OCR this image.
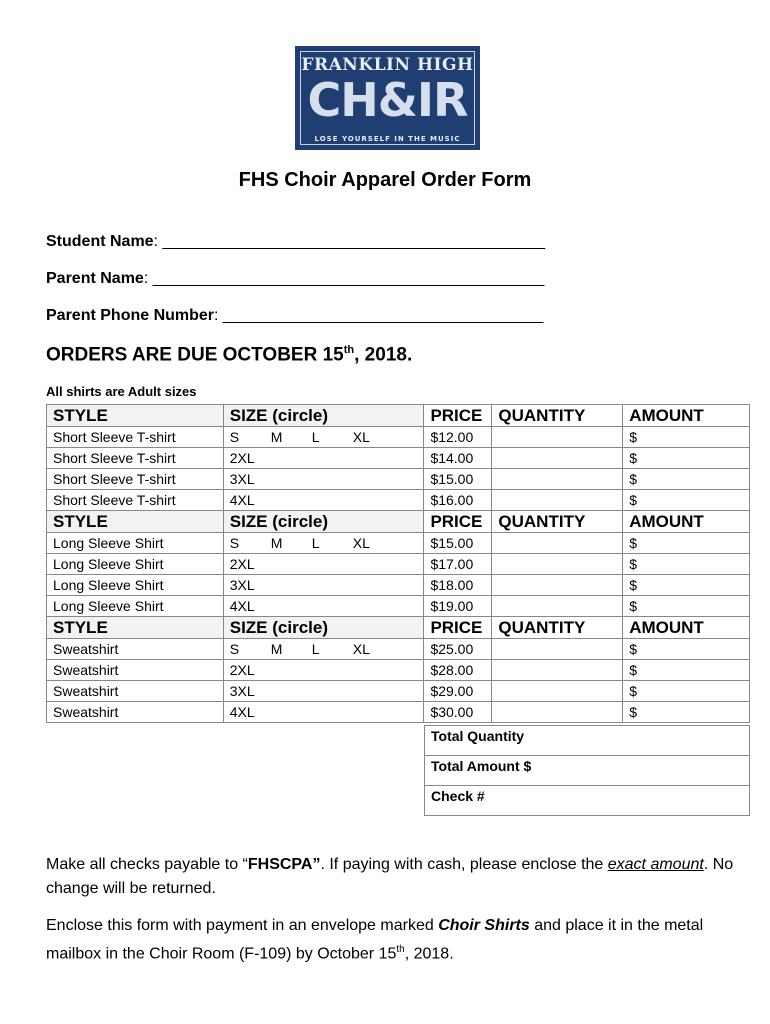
FRANKLIN HIGH
CH&IR
LOSE YOURSELF IN THE MUSIC
FHS Choir Apparel Order Form
Student Name: ___________________________________________
Parent Name: ____________________________________________
Parent Phone Number: ____________________________________
ORDERS ARE DUE OCTOBER 15th, 2018.
All shirts are Adult sizes
STYLE	SIZE (circle)	PRICE	QUANTITY	AMOUNT
Short Sleeve T-shirt	S M L XL	$12.00		$
Short Sleeve T-shirt	2XL	$14.00		$
Short Sleeve T-shirt	3XL	$15.00		$
Short Sleeve T-shirt	4XL	$16.00		$
STYLE	SIZE (circle)	PRICE	QUANTITY	AMOUNT
Long Sleeve Shirt	S M L XL	$15.00		$
Long Sleeve Shirt	2XL	$17.00		$
Long Sleeve Shirt	3XL	$18.00		$
Long Sleeve Shirt	4XL	$19.00		$
STYLE	SIZE (circle)	PRICE	QUANTITY	AMOUNT
Sweatshirt	S M L XL	$25.00		$
Sweatshirt	2XL	$28.00		$
Sweatshirt	3XL	$29.00		$
Sweatshirt	4XL	$30.00		$
Total Quantity
Total Amount $
Check #

Make all checks payable to “FHSCPA”. If paying with cash, please enclose the exact amount. No change will be returned.

Enclose this form with payment in an envelope marked Choir Shirts and place it in the metal mailbox in the Choir Room (F-109) by October 15th, 2018.
